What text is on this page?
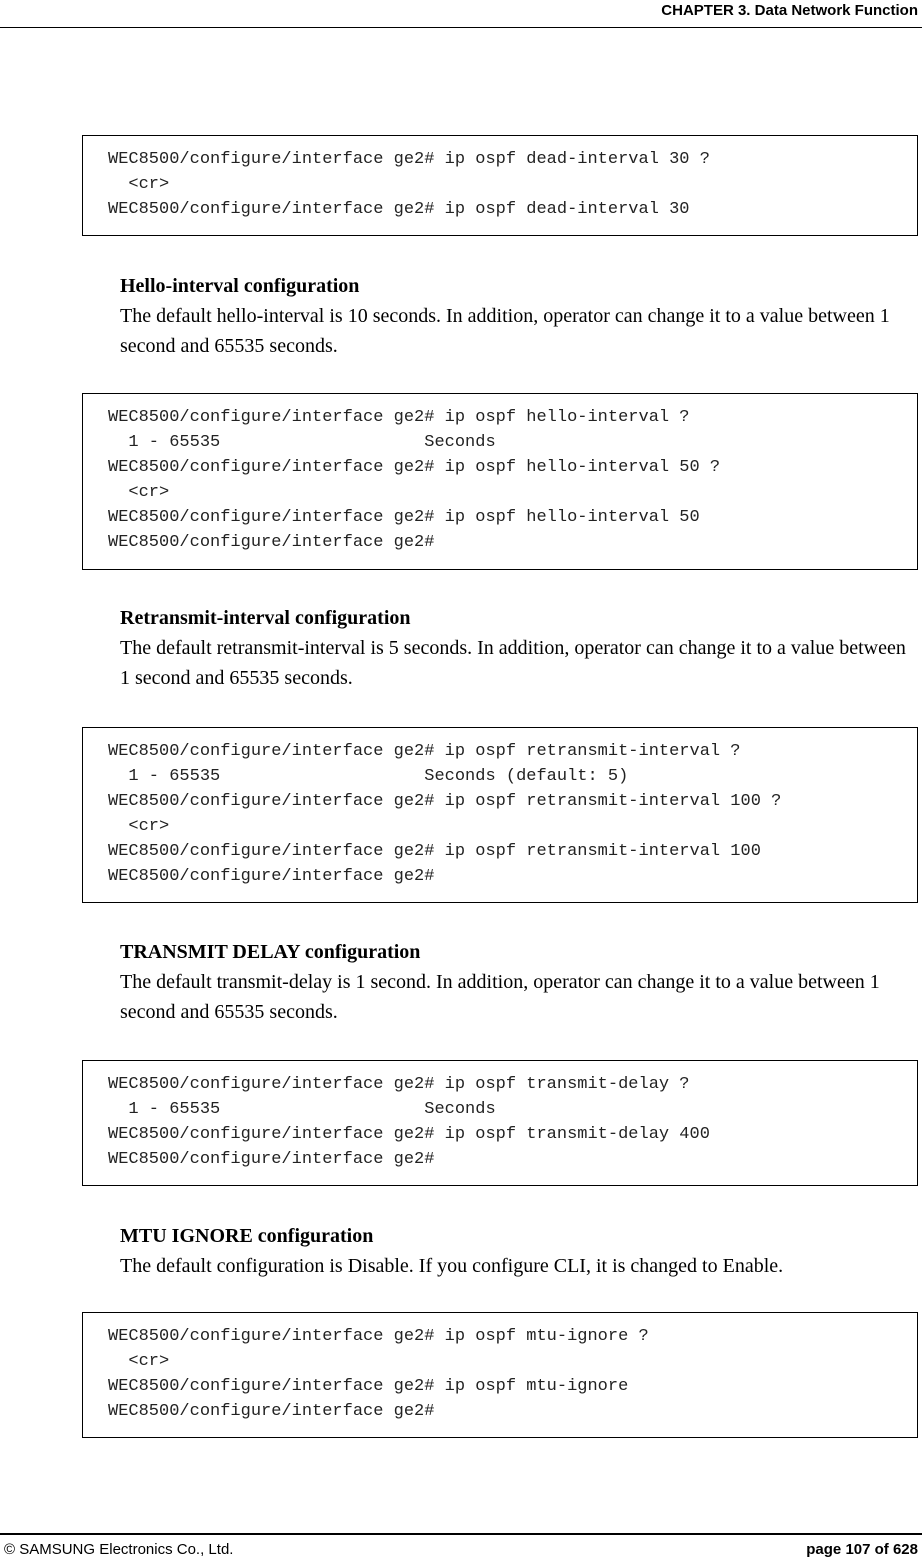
CHAPTER 3. Data Network Function
WEC8500/configure/interface ge2# ip ospf dead-interval 30 ?
<cr>
WEC8500/configure/interface ge2# ip ospf dead-interval 30
Hello-interval configuration
The default hello-interval is 10 seconds. In addition, operator can change it to a value between 1 second and 65535 seconds.
WEC8500/configure/interface ge2# ip ospf hello-interval ?
1 - 65535                    Seconds
WEC8500/configure/interface ge2# ip ospf hello-interval 50 ?
<cr>
WEC8500/configure/interface ge2# ip ospf hello-interval 50
WEC8500/configure/interface ge2#
Retransmit-interval configuration
The default retransmit-interval is 5 seconds. In addition, operator can change it to a value between 1 second and 65535 seconds.
WEC8500/configure/interface ge2# ip ospf retransmit-interval ?
1 - 65535                    Seconds (default: 5)
WEC8500/configure/interface ge2# ip ospf retransmit-interval 100 ?
<cr>
WEC8500/configure/interface ge2# ip ospf retransmit-interval 100
WEC8500/configure/interface ge2#
TRANSMIT DELAY configuration
The default transmit-delay is 1 second. In addition, operator can change it to a value between 1 second and 65535 seconds.
WEC8500/configure/interface ge2# ip ospf transmit-delay ?
1 - 65535                    Seconds
WEC8500/configure/interface ge2# ip ospf transmit-delay 400
WEC8500/configure/interface ge2#
MTU IGNORE configuration
The default configuration is Disable. If you configure CLI, it is changed to Enable.
WEC8500/configure/interface ge2# ip ospf mtu-ignore ?
<cr>
WEC8500/configure/interface ge2# ip ospf mtu-ignore
WEC8500/configure/interface ge2#
© SAMSUNG Electronics Co., Ltd.	page 107 of 628
